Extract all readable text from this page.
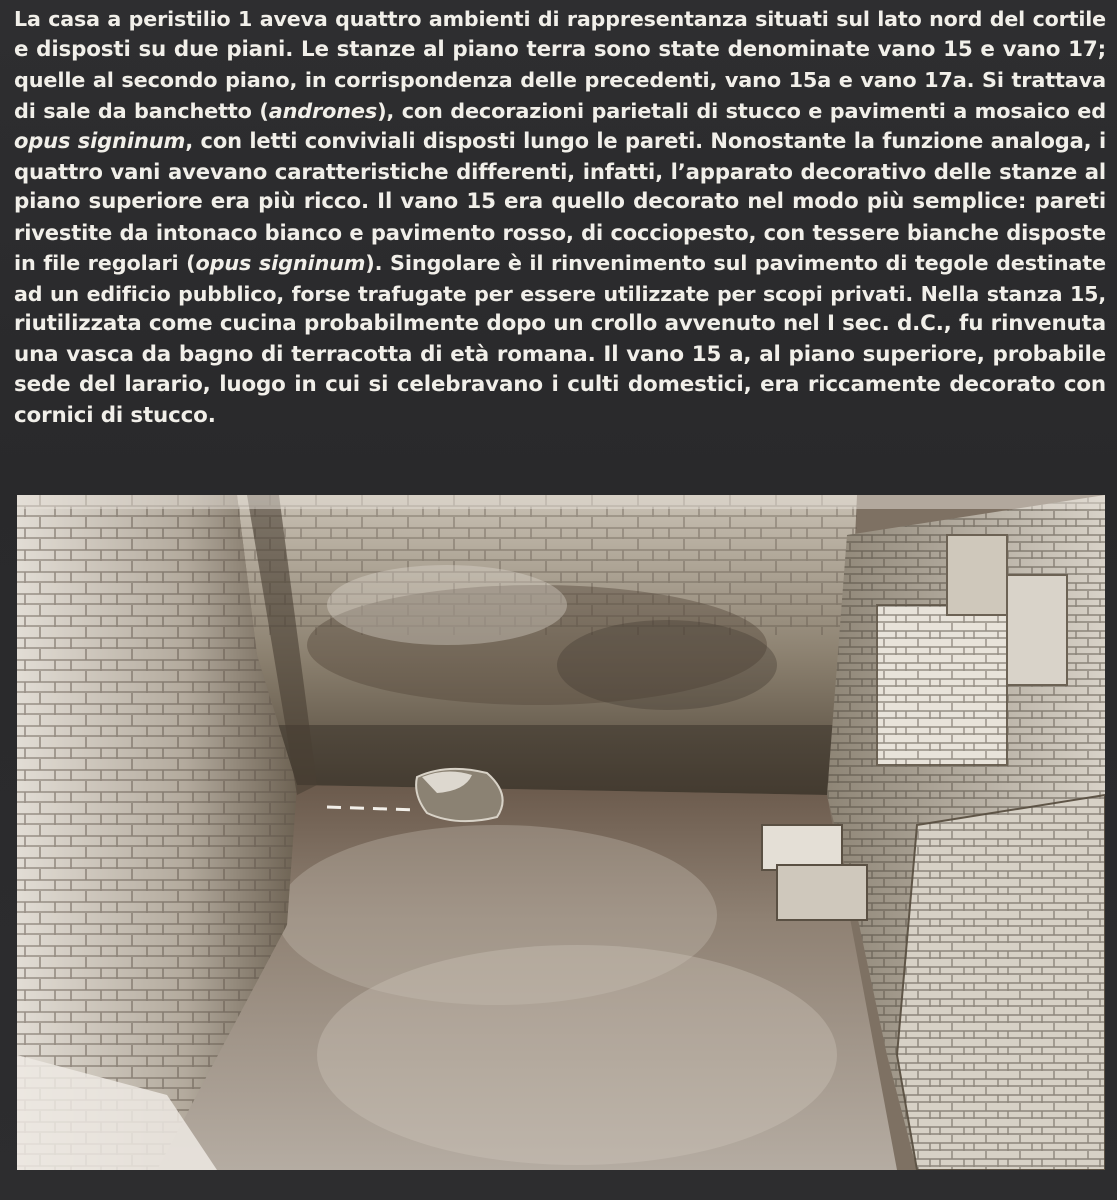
La casa a peristilio 1 aveva quattro ambienti di rappresentanza situati sul lato nord del cortile
e disposti su due piani. Le stanze al piano terra sono state denominate vano 15 e vano 17;
quelle al secondo piano, in corrispondenza delle precedenti, vano 15a e vano 17a. Si trattava
di sale da banchetto (andrones), con decorazioni parietali di stucco e pavimenti a mosaico ed
opus signinum, con letti conviviali disposti lungo le pareti. Nonostante la funzione analoga, i
quattro vani avevano caratteristiche differenti, infatti, l’apparato decorativo delle stanze al
piano superiore era più ricco. Il vano 15 era quello decorato nel modo più semplice: pareti
rivestite da intonaco bianco e pavimento rosso, di cocciopesto, con tessere bianche disposte
in file regolari (opus signinum). Singolare è il rinvenimento sul pavimento di tegole destinate
ad un edificio pubblico, forse trafugate per essere utilizzate per scopi privati. Nella stanza 15,
riutilizzata come cucina probabilmente dopo un crollo avvenuto nel I sec. d.C., fu rinvenuta
una vasca da bagno di terracotta di età romana. Il vano 15 a, al piano superiore, probabile
sede del larario, luogo in cui si celebravano i culti domestici, era riccamente decorato con
cornici di stucco.
